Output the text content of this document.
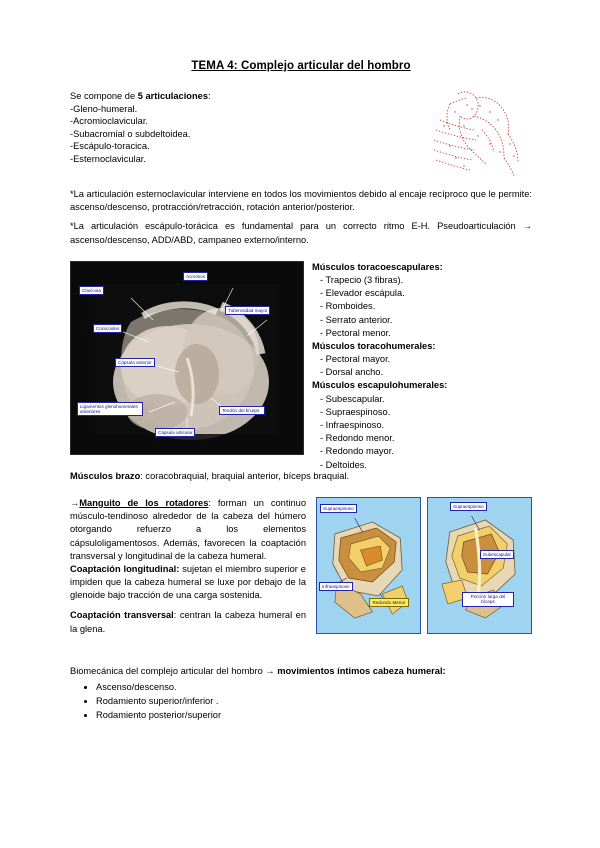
TEMA 4: Complejo articular del hombro

Se compone de 5 articulaciones:

-Gleno-humeral.

-Acromioclavicular.

-Subacromial o subdeltoidea.

-Escápulo-toracica.

-Esternoclavicular.

*La articulación esternoclavicular interviene en todos los movimientos debido al encaje recíproco que le permite: ascenso/descenso, protracción/retracción, rotación anterior/posterior.

*La articulación escápulo-torácica es fundamental para un correcto ritmo E-H. Pseudoarticulación → ascenso/descenso, ADD/ABD, campaneo externo/interno.

Clavícula
Acromion
Tuberosidad mayor
Coracoides
Cápsula anterior
Ligamentos glenohumerales anteriores	Tendón del bíceps
Cápsula articular

Músculos toracoescapulares:

- Trapecio (3 fibras).

- Elevador escápula.

- Romboides.

- Serrato anterior.

- Pectoral menor.

Músculos toracohumerales:

- Pectoral mayor.

- Dorsal ancho.

Músculos escapulohumerales:

- Subescapular.

- Supraespinoso.

- Infraespinoso.

- Redondo menor.

- Redondo mayor.

- Deltoides.

Músculos brazo: coracobraquial, braquial anterior, bíceps braquial.

→Manguito de los rotadores: forman un continuo músculo-tendinoso alrededor de la cabeza del húmero otorgando refuerzo a los elementos cápsuloligamentosos. Además, favorecen la coaptación transversal y longitudinal de la cabeza humeral.

Coaptación longitudinal: sujetan el miembro superior e impiden que la cabeza humeral se luxe por debajo de la glenoide bajo tracción de una carga sostenida.

Coaptación transversal: centran la cabeza humeral en la glena.

Supraespinoso
Infraespinoso
Redondo Menor
Supraespinoso
Subescapular
Porción larga del bíceps

Biomecánica del complejo articular del hombro → movimientos íntimos cabeza humeral:

• Ascenso/descenso.
• Rodamiento superior/inferior .
• Rodamiento posterior/superior
